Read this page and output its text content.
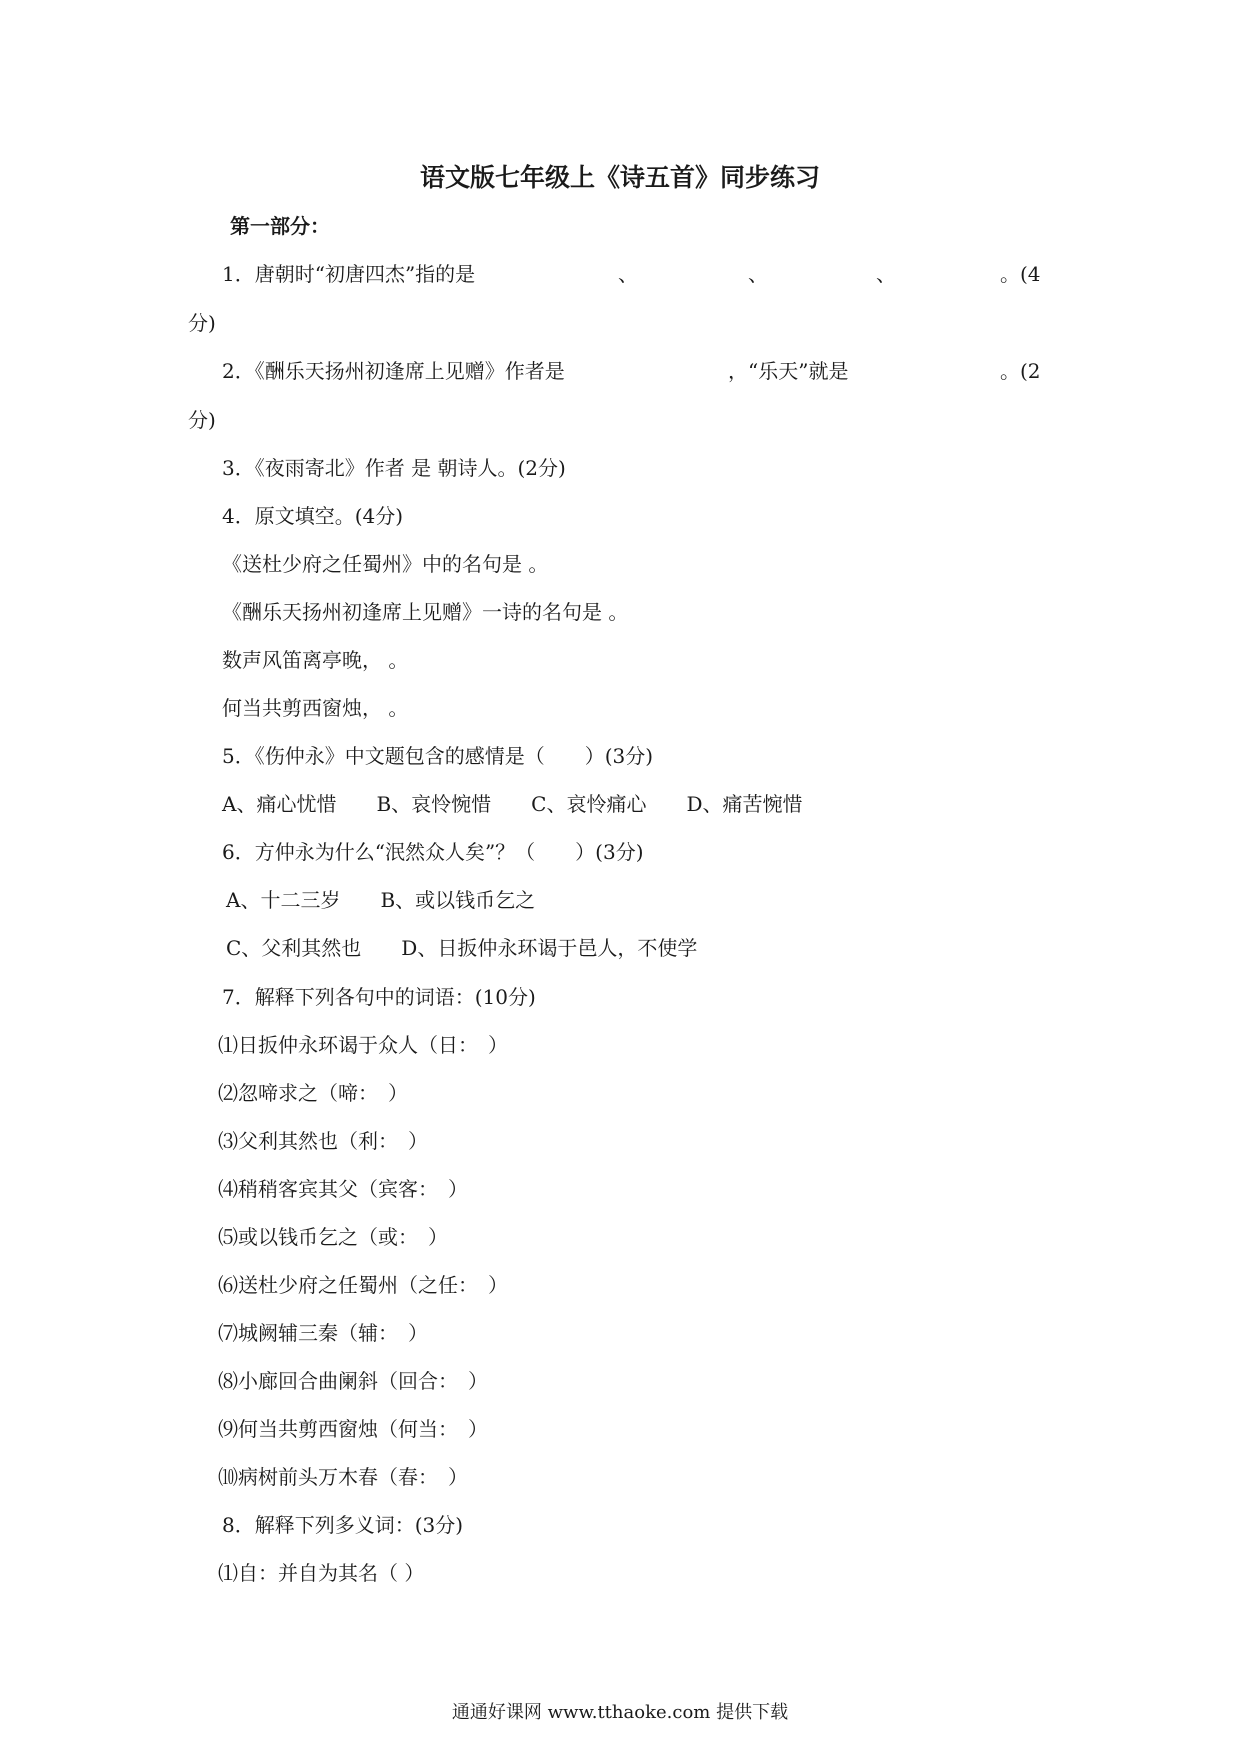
语文版七年级上《诗五首》同步练习

第一部分：

1．唐朝时“初唐四杰”指的是	、	、	、	。(4

分)

2．《酬乐天扬州初逢席上见赠》作者是	，“乐天”就是	。(2

分)

3．《夜雨寄北》作者 是 朝诗人。(2分)

4．原文填空。(4分)

《送杜少府之任蜀州》中的名句是 。

《酬乐天扬州初逢席上见赠》一诗的名句是 。

数声风笛离亭晚， 。

何当共剪西窗烛， 。

5．《伤仲永》中文题包含的感情是（　　）(3分)

A、痛心忧惜　　B、哀怜惋惜　　C、哀怜痛心　　D、痛苦惋惜

6．方仲永为什么“泯然众人矣”？（　　）(3分)

A、十二三岁　　B、或以钱币乞之

C、父利其然也　　D、日扳仲永环谒于邑人，不使学

7．解释下列各句中的词语：(10分)

⑴日扳仲永环谒于众人（日：　）

⑵忽啼求之（啼：　）

⑶父利其然也（利：　）

⑷稍稍客宾其父（宾客：　）

⑸或以钱币乞之（或：　）

⑹送杜少府之任蜀州（之任：　）

⑺城阙辅三秦（辅：　）

⑻小廊回合曲阑斜（回合：　）

⑼何当共剪西窗烛（何当：　）

⑽病树前头万木春（春：　）

8．解释下列多义词：(3分)

⑴自：并自为其名（ ）

通通好课网 www.tthaoke.com 提供下载
